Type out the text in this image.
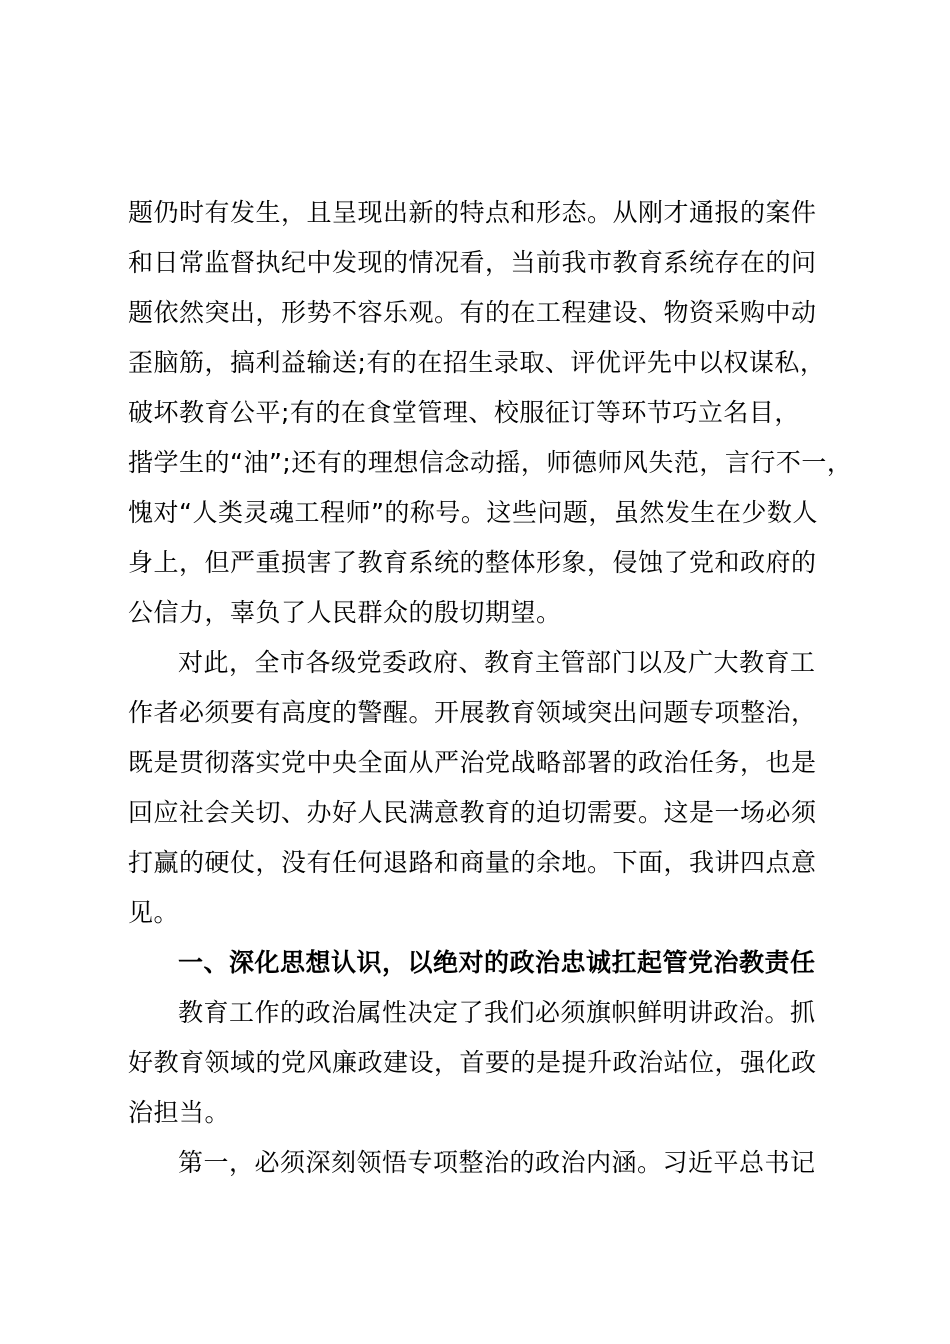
题仍时有发生，且呈现出新的特点和形态。从刚才通报的案件
和日常监督执纪中发现的情况看，当前我市教育系统存在的问
题依然突出，形势不容乐观。有的在工程建设、物资采购中动
歪脑筋，搞利益输送;有的在招生录取、评优评先中以权谋私，
破坏教育公平;有的在食堂管理、校服征订等环节巧立名目，
揩学生的“油”;还有的理想信念动摇，师德师风失范，言行不一，
愧对“人类灵魂工程师”的称号。这些问题，虽然发生在少数人
身上，但严重损害了教育系统的整体形象，侵蚀了党和政府的
公信力，辜负了人民群众的殷切期望。
对此，全市各级党委政府、教育主管部门以及广大教育工
作者必须要有高度的警醒。开展教育领域突出问题专项整治，
既是贯彻落实党中央全面从严治党战略部署的政治任务，也是
回应社会关切、办好人民满意教育的迫切需要。这是一场必须
打赢的硬仗，没有任何退路和商量的余地。下面，我讲四点意
见。
一、深化思想认识，以绝对的政治忠诚扛起管党治教责任
教育工作的政治属性决定了我们必须旗帜鲜明讲政治。抓
好教育领域的党风廉政建设，首要的是提升政治站位，强化政
治担当。
第一，必须深刻领悟专项整治的政治内涵。习近平总书记
